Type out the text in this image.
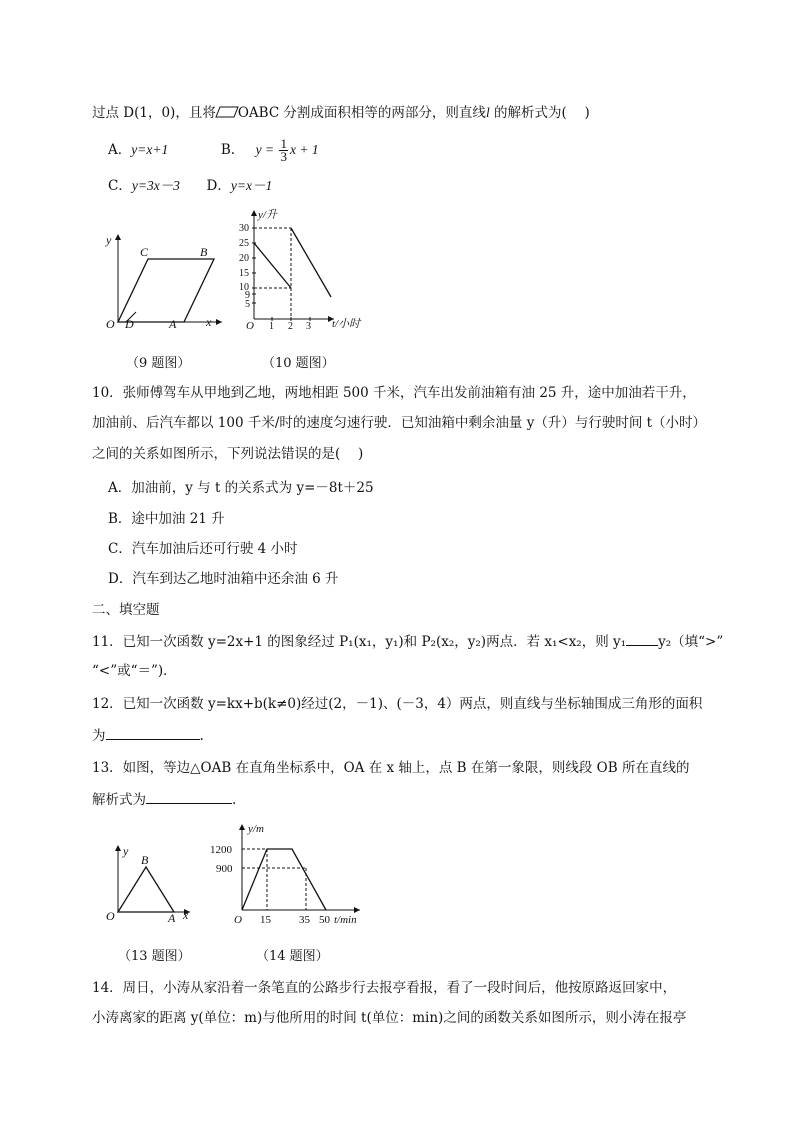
过点 D(1，0)，且将 OABC 分割成面积相等的两部分，则直线l 的解析式为(　 )
A．y=x+1	B. $y = \frac{1}{3}$ x + 1
C．y=3x－3 D．y=x－1
y
x
O D	A
B
C
y/升
t/小时
O
30
25
20
15
10
9
5
1 2 3
（9 题图）	（10 题图）
10．张师傅驾车从甲地到乙地，两地相距 500 千米，汽车出发前油箱有油 25 升，途中加油若干升，
加油前、后汽车都以 100 千米/时的速度匀速行驶．已知油箱中剩余油量 y（升）与行驶时间 t（小时）
之间的关系如图所示，下列说法错误的是(　 )
A．加油前，y 与 t 的关系式为 y=－8t＋25
B．途中加油 21 升
C．汽车加油后还可行驶 4 小时
D．汽车到达乙地时油箱中还余油 6 升
二、填空题
11．已知一次函数 y=2x+1 的图象经过 P₁(x₁，y₁)和 P₂(x₂，y₂)两点．若 x₁<x₂，则 y₁ y₂（填“>”
“<”或“＝”)．
12．已知一次函数 y=kx+b(k≠0)经过(2，－1)、(－3，4）两点，则直线与坐标轴围成三角形的面积
为	.
13．如图，等边△OAB 在直角坐标系中，OA 在 x 轴上，点 B 在第一象限，则线段 OB 所在直线的
解析式为	.
y
x
O	A
B
y/m
1200
900
O 15	35 50 t/min
（13 题图）	（14 题图）
14．周日，小涛从家沿着一条笔直的公路步行去报亭看报，看了一段时间后，他按原路返回家中，
小涛离家的距离 y(单位：m)与他所用的时间 t(单位：min)之间的函数关系如图所示，则小涛在报亭
